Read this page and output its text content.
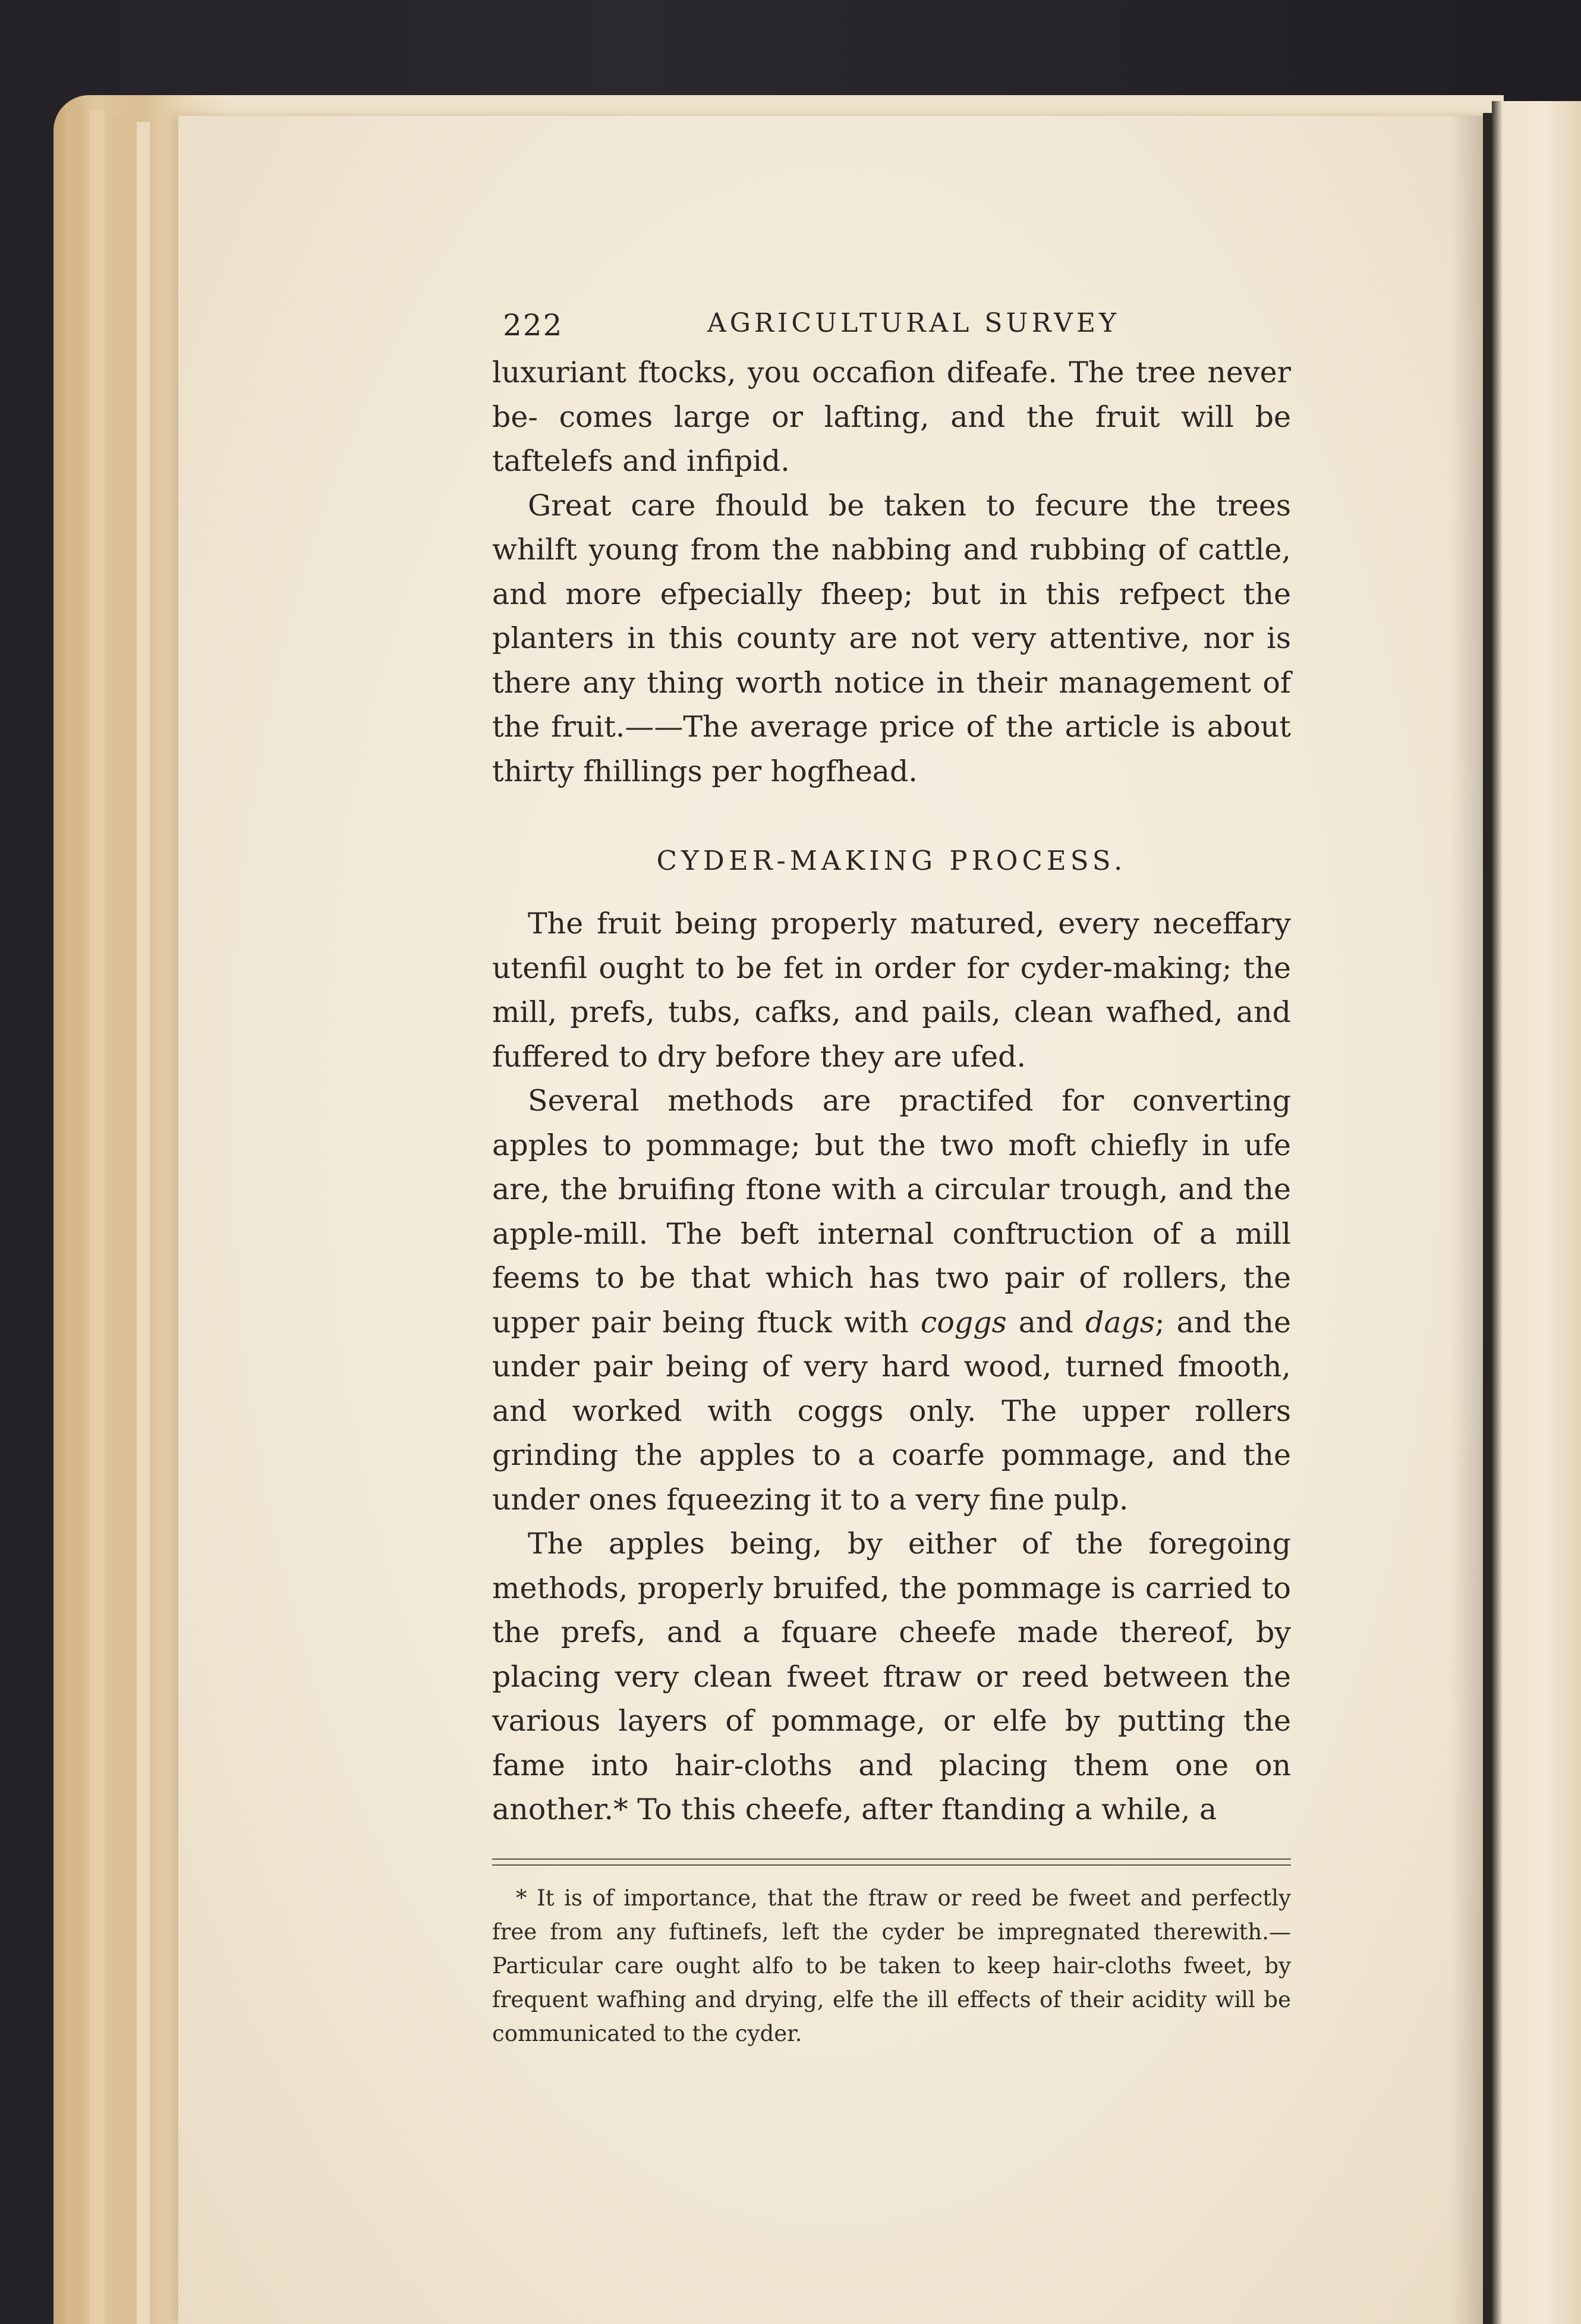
222	AGRICULTURAL SURVEY

luxuriant ftocks, you occafion difeafe. The tree never be- comes large or lafting, and the fruit will be taftelefs and infipid.

Great care fhould be taken to fecure the trees whilft young from the nabbing and rubbing of cattle, and more efpecially fheep; but in this refpect the planters in this county are not very attentive, nor is there any thing worth notice in their management of the fruit.——The average price of the article is about thirty fhillings per hogfhead.

CYDER-MAKING PROCESS.

The fruit being properly matured, every neceffary utenfil ought to be fet in order for cyder-making; the mill, prefs, tubs, cafks, and pails, clean wafhed, and fuffered to dry before they are ufed.

Several methods are practifed for converting apples to pommage; but the two moft chiefly in ufe are, the bruifing ftone with a circular trough, and the apple-mill. The beft internal conftruction of a mill feems to be that which has two pair of rollers, the upper pair being ftuck with coggs and dags; and the under pair being of very hard wood, turned fmooth, and worked with coggs only. The upper rollers grinding the apples to a coarfe pommage, and the under ones fqueezing it to a very fine pulp.

The apples being, by either of the foregoing methods, properly bruifed, the pommage is carried to the prefs, and a fquare cheefe made thereof, by placing very clean fweet ftraw or reed between the various layers of pommage, or elfe by putting the fame into hair-cloths and placing them one on another.* To this cheefe, after ftanding a while, a

* It is of importance, that the ftraw or reed be fweet and perfectly free from any fuftinefs, left the cyder be impregnated therewith.— Particular care ought alfo to be taken to keep hair-cloths fweet, by frequent wafhing and drying, elfe the ill effects of their acidity will be communicated to the cyder.
